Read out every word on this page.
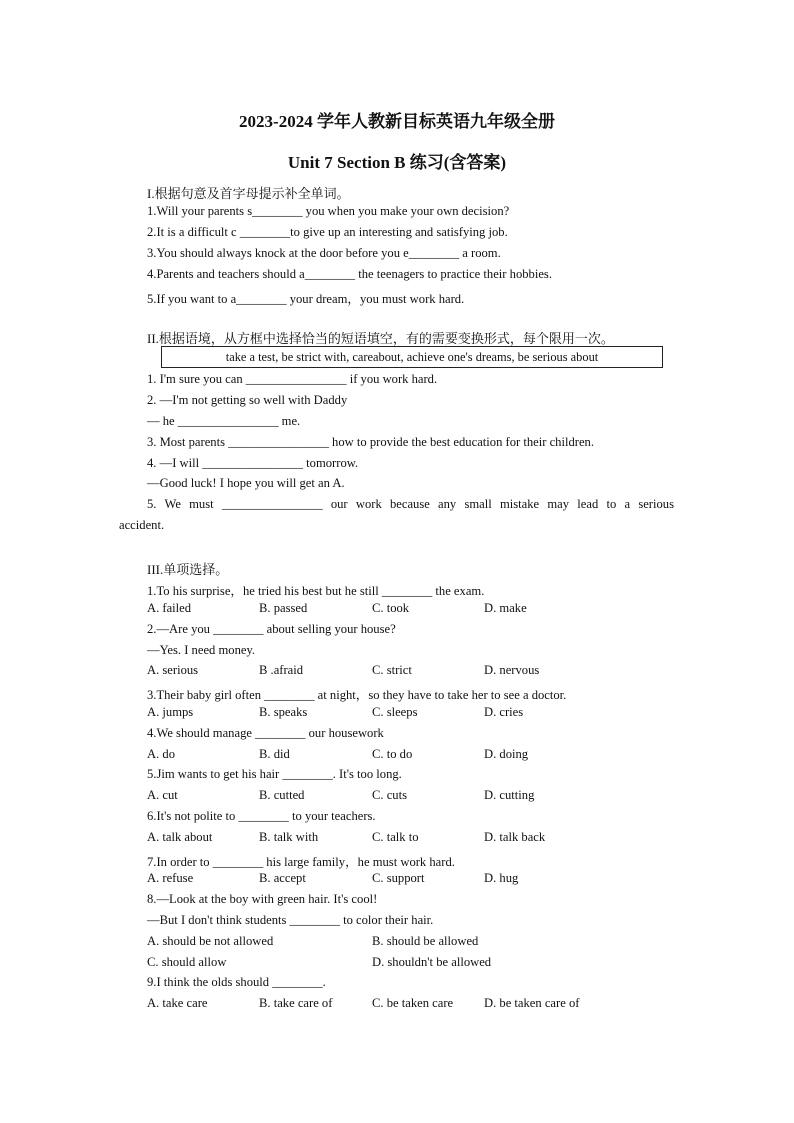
2023-2024 学年人教新目标英语九年级全册
Unit 7 Section B 练习(含答案)
I.根据句意及首字母提示补全单词。
1.Will your parents s________ you when you make your own decision?
2.It is a difficult c ________to give up an interesting and satisfying job.
3.You should always knock at the door before you e________ a room.
4.Parents and teachers should a________ the teenagers to practice their hobbies.
5.If you want to a________ your dream，you must work hard.
II.根据语境，从方框中选择恰当的短语填空，有的需要变换形式，每个限用一次。
take a test, be strict with, careabout, achieve one's dreams, be serious about
1. I'm sure you can ________________ if you work hard.
2. —I'm not getting so well with Daddy
— he ________________ me.
3. Most parents ________________ how to provide the best education for their children.
4. —I will ________________ tomorrow.
—Good luck! I hope you will get an A.
5. We must ________________ our work because any small mistake may lead to a serious
accident.
III.单项选择。
1.To his surprise，he tried his best but he still ________ the exam.
A. failed	B. passed	C. took	D. make
2.—Are you ________ about selling your house?
—Yes. I need money.
A. serious	B .afraid	C. strict	D. nervous
3.Their baby girl often ________ at night，so they have to take her to see a doctor.
A. jumps	B. speaks	C. sleeps	D. cries
4.We should manage ________ our housework
A. do	B. did	C. to do	D. doing
5.Jim wants to get his hair ________. It's too long.
A. cut	B. cutted	C. cuts	D. cutting
6.It's not polite to ________ to your teachers.
A. talk about	B. talk with	C. talk to	D. talk back
7.In order to ________ his large family，he must work hard.
A. refuse	B. accept	C. support	D. hug
8.—Look at the boy with green hair. It's cool!
—But I don't think students ________ to color their hair.
A. should be not allowed	B. should be allowed
C. should allow	D. shouldn't be allowed
9.I think the olds should ________.
A. take care	B. take care of	C. be taken care D. be taken care of
